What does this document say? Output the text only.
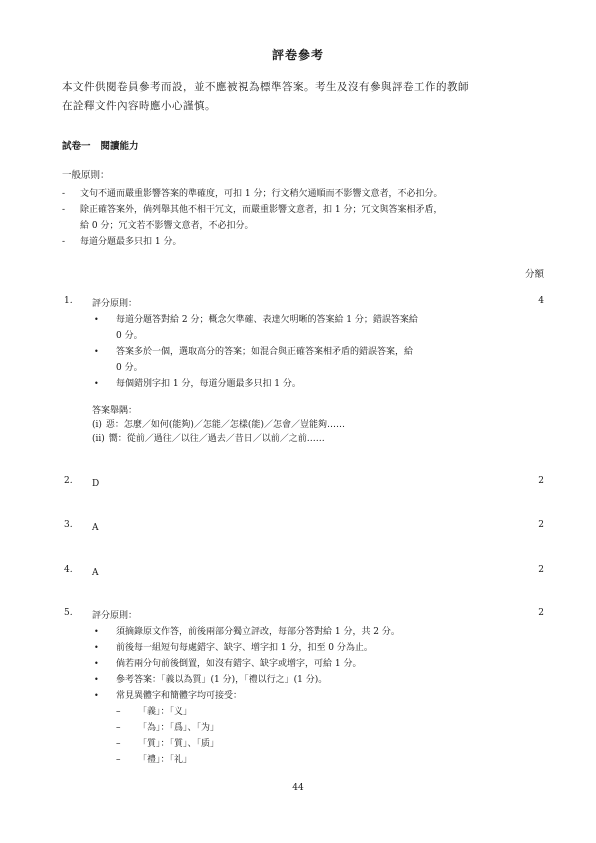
評卷參考
本文件供閱卷員參考而設，並不應被視為標準答案。考生及沒有參與評卷工作的教師
在詮釋文件內容時應小心謹慎。
試卷一 閱讀能力
一般原則：
- 文句不通而嚴重影響答案的準確度，可扣 1 分；行文稍欠通順而不影響文意者，不必扣分。
- 除正確答案外，倘列舉其他不相干冗文，而嚴重影響文意者，扣 1 分；冗文與答案相矛盾，
給 0 分；冗文若不影響文意者，不必扣分。
- 每道分題最多只扣 1 分。
分額
1.	4
評分原則：
• 每道分題答對給 2 分；概念欠準確、表達欠明晰的答案給 1 分；錯誤答案給
0 分。
• 答案多於一個，選取高分的答案；如混合與正確答案相矛盾的錯誤答案，給
0 分。
• 每個錯別字扣 1 分，每道分題最多只扣 1 分。
答案舉隅：
(i) 惡：怎麼／如何(能夠)／怎能／怎樣(能)／怎會／豈能夠……
(ii) 嚮：從前／過往／以往／過去／昔日／以前／之前……
2.	2
D
3.	2
A
4.	2
A
5.	2
評分原則：
• 須摘錄原文作答，前後兩部分獨立評改，每部分答對給 1 分，共 2 分。
• 前後每一組短句每處錯字、缺字、增字扣 1 分，扣至 0 分為止。
• 倘若兩分句前後倒置，如沒有錯字、缺字或增字，可給 1 分。
• 參考答案：「義以為質」(1 分)，「禮以行之」(1 分)。
• 常見異體字和簡體字均可接受：
– 「義」：「义」
– 「為」：「爲」、「为」
– 「質」：「質」、「质」
– 「禮」：「礼」
44
